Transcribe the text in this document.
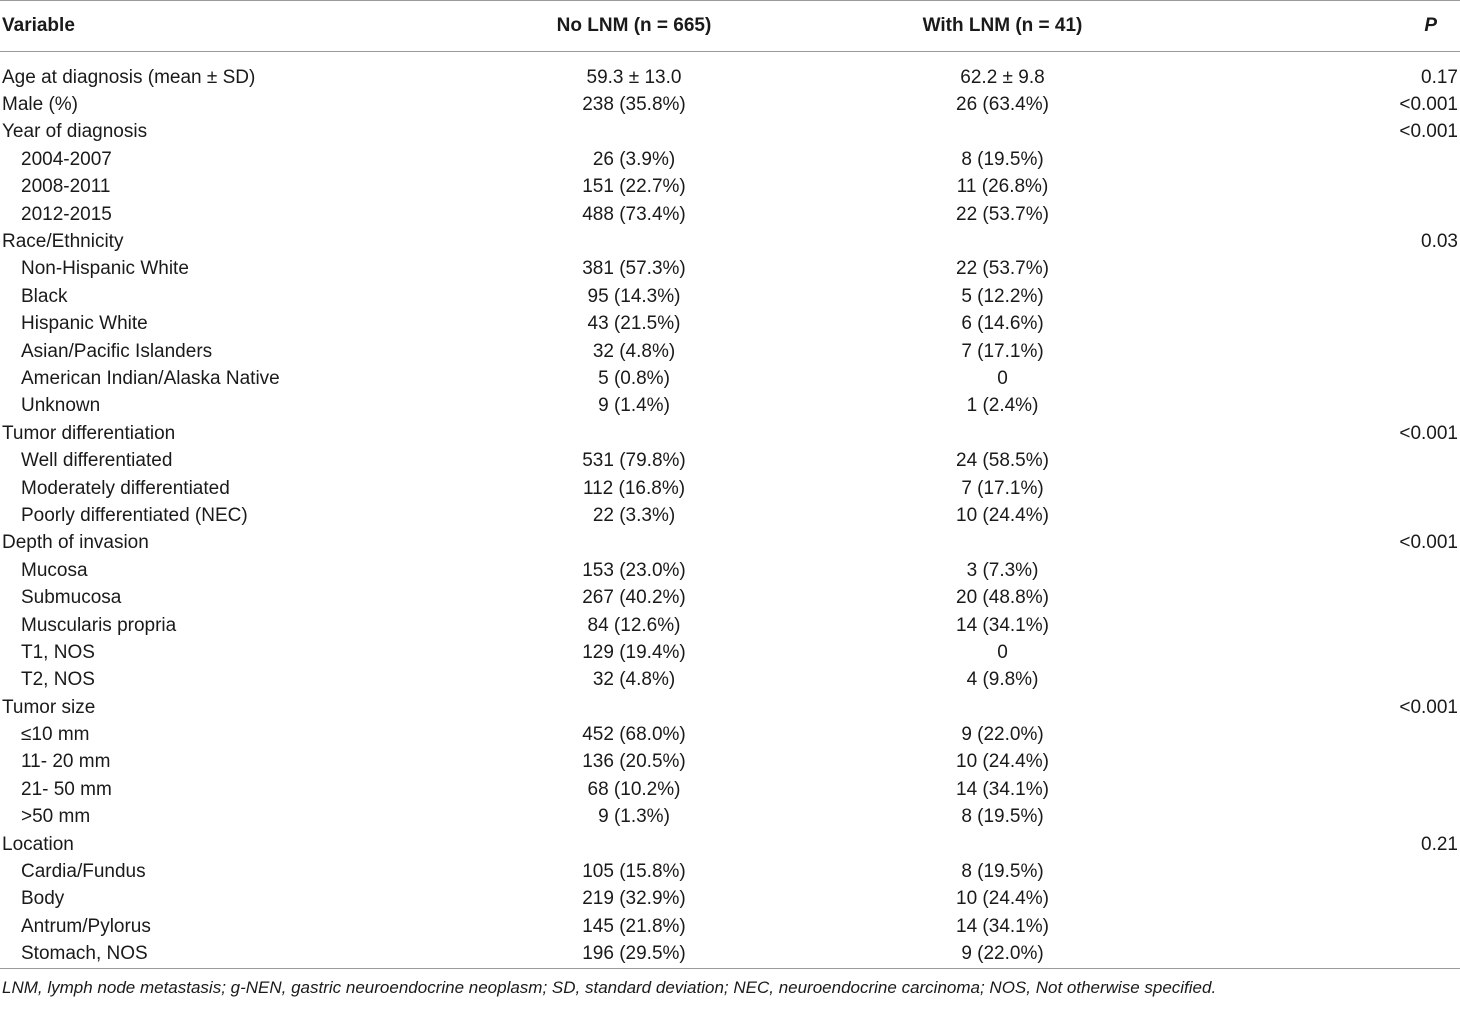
Variable	No LNM (n = 665)	With LNM (n = 41)	P

Age at diagnosis (mean ± SD)	59.3 ± 13.0	62.2 ± 9.8	0.17
Male (%)	238 (35.8%)	26 (63.4%)	<0.001
Year of diagnosis			<0.001
2004-2007	26 (3.9%)	8 (19.5%)	
2008-2011	151 (22.7%)	11 (26.8%)	
2012-2015	488 (73.4%)	22 (53.7%)	
Race/Ethnicity			0.03
Non-Hispanic White	381 (57.3%)	22 (53.7%)	
Black	95 (14.3%)	5 (12.2%)	
Hispanic White	43 (21.5%)	6 (14.6%)	
Asian/Pacific Islanders	32 (4.8%)	7 (17.1%)	
American Indian/Alaska Native	5 (0.8%)	0	
Unknown	9 (1.4%)	1 (2.4%)	
Tumor differentiation			<0.001
Well differentiated	531 (79.8%)	24 (58.5%)	
Moderately differentiated	112 (16.8%)	7 (17.1%)	
Poorly differentiated (NEC)	22 (3.3%)	10 (24.4%)	
Depth of invasion			<0.001
Mucosa	153 (23.0%)	3 (7.3%)	
Submucosa	267 (40.2%)	20 (48.8%)	
Muscularis propria	84 (12.6%)	14 (34.1%)	
T1, NOS	129 (19.4%)	0	
T2, NOS	32 (4.8%)	4 (9.8%)	
Tumor size			<0.001
≤10 mm	452 (68.0%)	9 (22.0%)	
11- 20 mm	136 (20.5%)	10 (24.4%)	
21- 50 mm	68 (10.2%)	14 (34.1%)	
>50 mm	9 (1.3%)	8 (19.5%)	
Location			0.21
Cardia/Fundus	105 (15.8%)	8 (19.5%)	
Body	219 (32.9%)	10 (24.4%)	
Antrum/Pylorus	145 (21.8%)	14 (34.1%)	
Stomach, NOS	196 (29.5%)	9 (22.0%)	
LNM, lymph node metastasis; g-NEN, gastric neuroendocrine neoplasm; SD, standard deviation; NEC, neuroendocrine carcinoma; NOS, Not otherwise specified.
